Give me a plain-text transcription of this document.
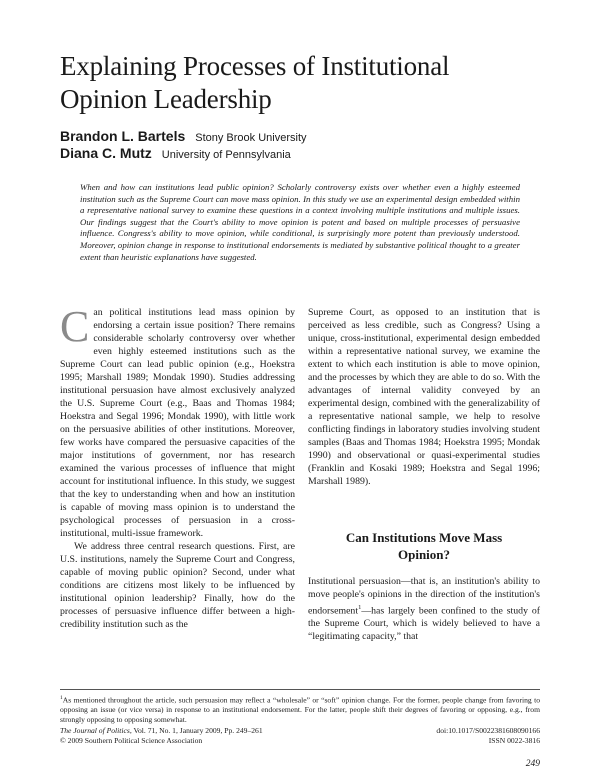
Explaining Processes of Institutional Opinion Leadership
Brandon L. Bartels Stony Brook University
Diana C. Mutz University of Pennsylvania

When and how can institutions lead public opinion? Scholarly controversy exists over whether even a highly esteemed institution such as the Supreme Court can move mass opinion. In this study we use an experimental design embedded within a representative national survey to examine these questions in a context involving multiple institutions and multiple issues. Our findings suggest that the Court's ability to move opinion is potent and based on multiple processes of persuasive influence. Congress's ability to move opinion, while conditional, is surprisingly more potent than previously understood. Moreover, opinion change in response to institutional endorsements is mediated by substantive political thought to a greater extent than heuristic explanations have suggested.

Can political institutions lead mass opinion by endorsing a certain issue position? There remains considerable scholarly controversy over whether even highly esteemed institutions such as the Supreme Court can lead public opinion (e.g., Hoekstra 1995; Marshall 1989; Mondak 1990). Studies addressing institutional persuasion have almost exclusively analyzed the U.S. Supreme Court (e.g., Baas and Thomas 1984; Hoekstra and Segal 1996; Mondak 1990), with little work on the persuasive abilities of other institutions. Moreover, few works have compared the persuasive capacities of the major institutions of government, nor has research examined the various processes of influence that might account for institutional influence. In this study, we suggest that the key to understanding when and how an institution is capable of moving mass opinion is to understand the psychological processes of persuasion in a cross-institutional, multi-issue framework.

We address three central research questions. First, are U.S. institutions, namely the Supreme Court and Congress, capable of moving public opinion? Second, under what conditions are citizens most likely to be influenced by institutional opinion leadership? Finally, how do the processes of persuasive influence differ between a high-credibility institution such as the

Supreme Court, as opposed to an institution that is perceived as less credible, such as Congress? Using a unique, cross-institutional, experimental design embedded within a representative national survey, we examine the extent to which each institution is able to move opinion, and the processes by which they are able to do so. With the advantages of internal validity conveyed by an experimental design, combined with the generalizability of a representative national sample, we help to resolve conflicting findings in laboratory studies involving student samples (Baas and Thomas 1984; Hoekstra 1995; Mondak 1990) and observational or quasi-experimental studies (Franklin and Kosaki 1989; Hoekstra and Segal 1996; Marshall 1989).

Can Institutions Move Mass Opinion?

Institutional persuasion—that is, an institution's ability to move people's opinions in the direction of the institution's endorsement$^1$—has largely been confined to the study of the Supreme Court, which is widely believed to have a “legitimating capacity,” that

$^1$As mentioned throughout the article, such persuasion may reflect a “wholesale” or “soft” opinion change. For the former, people change from favoring to opposing an issue (or vice versa) in response to an institutional endorsement. For the latter, people shift their degrees of favoring or opposing, e.g., from strongly opposing to opposing somewhat.

The Journal of Politics, Vol. 71, No. 1, January 2009, Pp. 249–261
© 2009 Southern Political Science Association
doi:10.1017/S0022381608090166
ISSN 0022-3816
249
